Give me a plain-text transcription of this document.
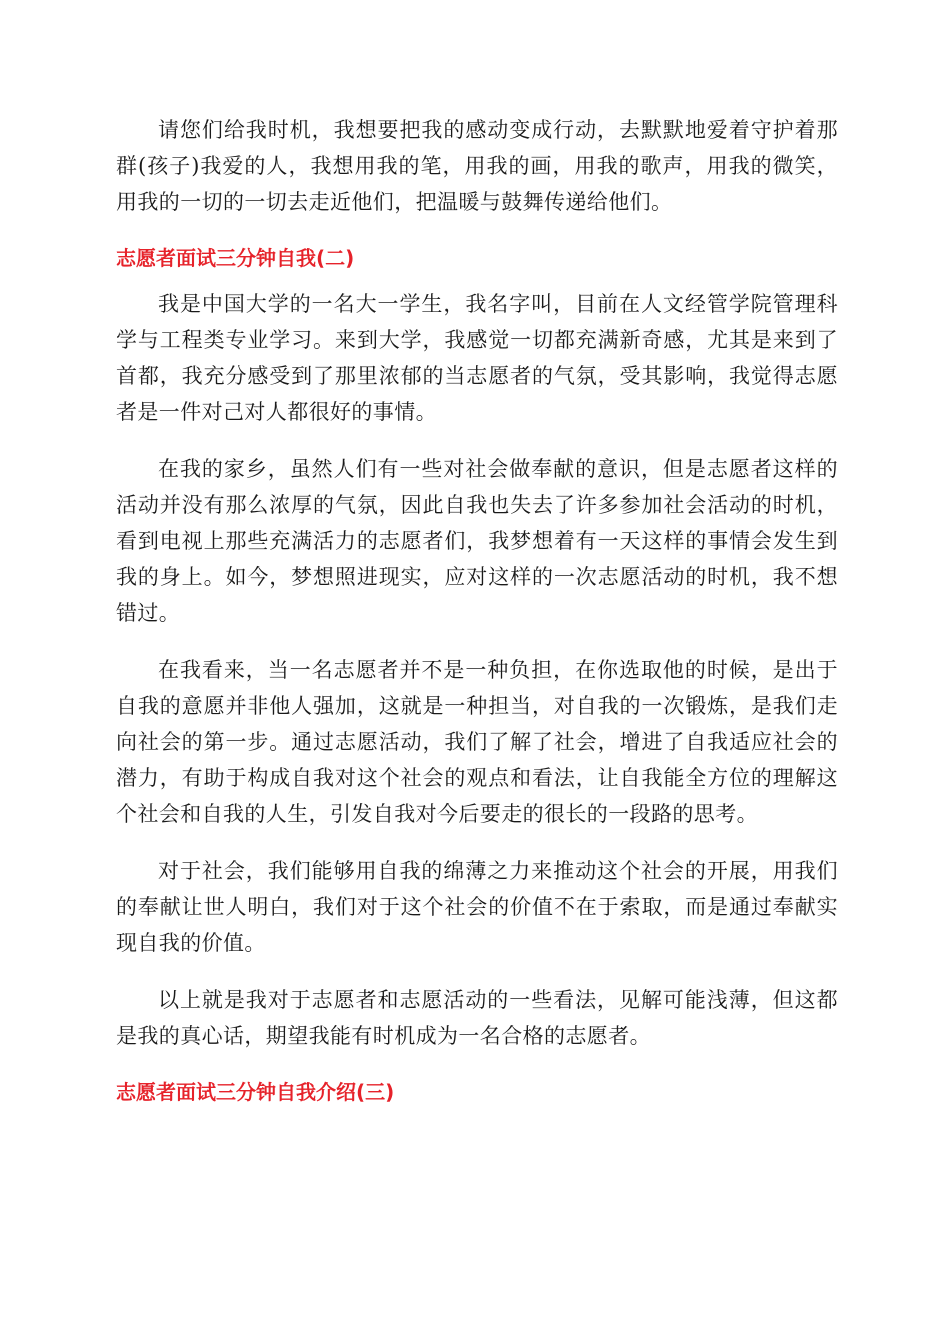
请您们给我时机，我想要把我的感动变成行动，去默默地爱着守护着那群(孩子)我爱的人，我想用我的笔，用我的画，用我的歌声，用我的微笑，用我的一切的一切去走近他们，把温暖与鼓舞传递给他们。

志愿者面试三分钟自我(二)

我是中国大学的一名大一学生，我名字叫，目前在人文经管学院管理科学与工程类专业学习。来到大学，我感觉一切都充满新奇感，尤其是来到了首都，我充分感受到了那里浓郁的当志愿者的气氛，受其影响，我觉得志愿者是一件对己对人都很好的事情。

在我的家乡，虽然人们有一些对社会做奉献的意识，但是志愿者这样的活动并没有那么浓厚的气氛，因此自我也失去了许多参加社会活动的时机，看到电视上那些充满活力的志愿者们，我梦想着有一天这样的事情会发生到我的身上。如今，梦想照进现实，应对这样的一次志愿活动的时机，我不想错过。

在我看来，当一名志愿者并不是一种负担，在你选取他的时候，是出于自我的意愿并非他人强加，这就是一种担当，对自我的一次锻炼，是我们走向社会的第一步。通过志愿活动，我们了解了社会，增进了自我适应社会的潜力，有助于构成自我对这个社会的观点和看法，让自我能全方位的理解这个社会和自我的人生，引发自我对今后要走的很长的一段路的思考。

对于社会，我们能够用自我的绵薄之力来推动这个社会的开展，用我们的奉献让世人明白，我们对于这个社会的价值不在于索取，而是通过奉献实现自我的价值。

以上就是我对于志愿者和志愿活动的一些看法，见解可能浅薄，但这都是我的真心话，期望我能有时机成为一名合格的志愿者。

志愿者面试三分钟自我介绍(三)
